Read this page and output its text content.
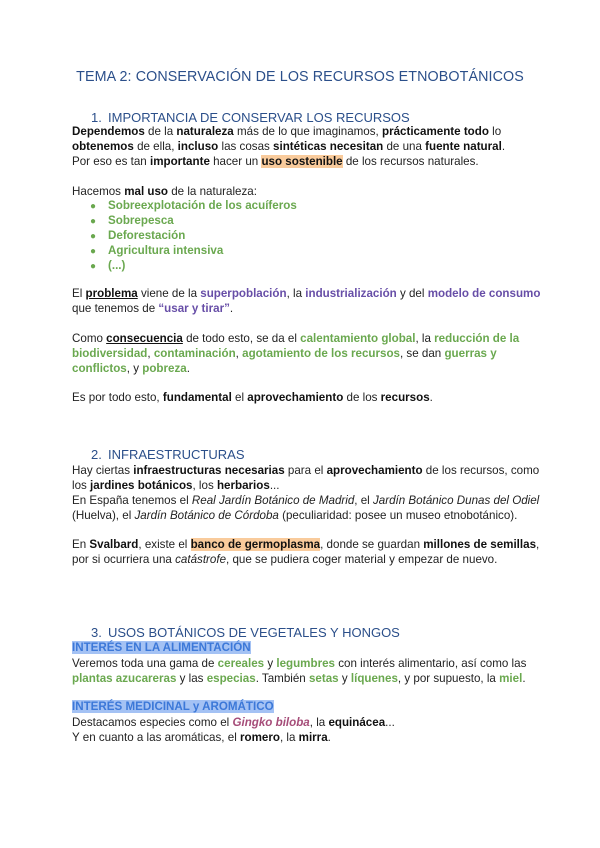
TEMA 2: CONSERVACIÓN DE LOS RECURSOS ETNOBOTÁNICOS
1. IMPORTANCIA DE CONSERVAR LOS RECURSOS
Dependemos de la naturaleza más de lo que imaginamos, prácticamente todo lo
obtenemos de ella, incluso las cosas sintéticas necesitan de una fuente natural.
Por eso es tan importante hacer un uso sostenible de los recursos naturales.
Hacemos mal uso de la naturaleza:
● Sobreexplotación de los acuíferos
● Sobrepesca
● Deforestación
● Agricultura intensiva
● (...)
El problema viene de la superpoblación, la industrialización y del modelo de consumo
que tenemos de “usar y tirar”.
Como consecuencia de todo esto, se da el calentamiento global, la reducción de la
biodiversidad, contaminación, agotamiento de los recursos, se dan guerras y
conflictos, y pobreza.
Es por todo esto, fundamental el aprovechamiento de los recursos.
2. INFRAESTRUCTURAS
Hay ciertas infraestructuras necesarias para el aprovechamiento de los recursos, como
los jardines botánicos, los herbarios...
En España tenemos el Real Jardín Botánico de Madrid, el Jardín Botánico Dunas del Odiel
(Huelva), el Jardín Botánico de Córdoba (peculiaridad: posee un museo etnobotánico).
En Svalbard, existe el banco de germoplasma, donde se guardan millones de semillas,
por si ocurriera una catástrofe, que se pudiera coger material y empezar de nuevo.
3. USOS BOTÁNICOS DE VEGETALES Y HONGOS
INTERÉS EN LA ALIMENTACIÓN
Veremos toda una gama de cereales y legumbres con interés alimentario, así como las
plantas azucareras y las especias. También setas y líquenes, y por supuesto, la miel.
INTERÉS MEDICINAL y AROMÁTICO
Destacamos especies como el Gingko biloba, la equinácea...
Y en cuanto a las aromáticas, el romero, la mirra.
